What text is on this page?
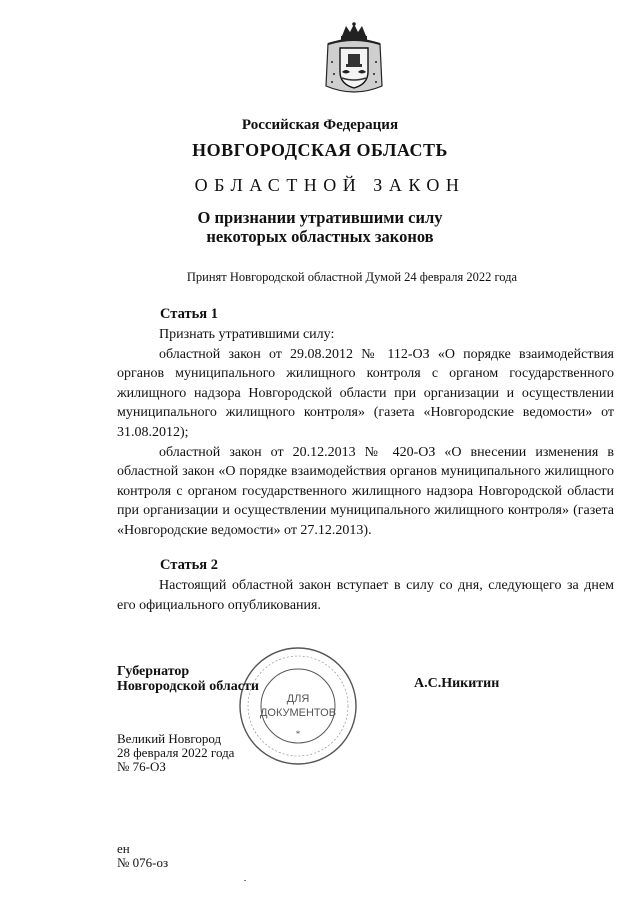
Российская Федерация
НОВГОРОДСКАЯ ОБЛАСТЬ
ОБЛАСТНОЙ ЗАКОН
О признании утратившими силу
некоторых областных законов
Принят Новгородской областной Думой 24 февраля 2022 года
Статья 1

Признать утратившими силу:

областной закон от 29.08.2012 № 112-ОЗ «О порядке взаимодействия органов муниципального жилищного контроля с органом государственного жилищного надзора Новгородской области при организации и осуществлении муниципального жилищного контроля» (газета «Новгородские ведомости» от 31.08.2012);

областной закон от 20.12.2013 № 420-ОЗ «О внесении изменения в областной закон «О порядке взаимодействия органов муниципального жилищного контроля с органом государственного жилищного надзора Новгородской области при организации и осуществлении муниципального жилищного контроля» (газета «Новгородские ведомости» от 27.12.2013).

Статья 2

Настоящий областной закон вступает в силу со дня, следующего за днем его официального опубликования.

ДЛЯ
ДОКУМЕНТОВ
*
Губернатор
Новгородской области	А.С.Никитин
Великий Новгород
28 февраля 2022 года
№ 76-ОЗ
ен
№ 076-оз
